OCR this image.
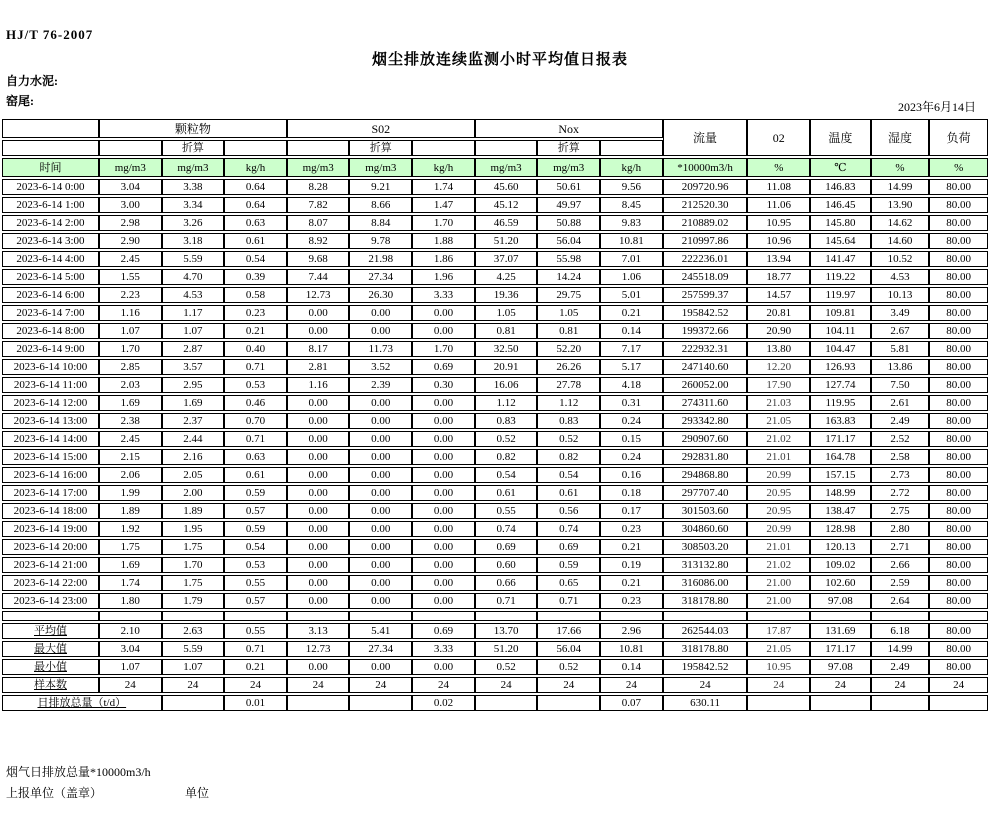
HJ/T 76-2007
烟尘排放连续监测小时平均值日报表
自力水泥:
窑尾:	2023年6月14日
	颗粒物			S02			Nox			流量	02	温度	湿度	负荷
		折算			折算			折算						
时间	mg/m3	mg/m3	kg/h	mg/m3	mg/m3	kg/h	mg/m3	mg/m3	kg/h	*10000m3/h	%	℃	%	%
2023-6-14 0:00	3.04	3.38	0.64	8.28	9.21	1.74	45.60	50.61	9.56	209720.96	11.08	146.83	14.99	80.00
2023-6-14 1:00	3.00	3.34	0.64	7.82	8.66	1.47	45.12	49.97	8.45	212520.30	11.06	146.45	13.90	80.00
2023-6-14 2:00	2.98	3.26	0.63	8.07	8.84	1.70	46.59	50.88	9.83	210889.02	10.95	145.80	14.62	80.00
2023-6-14 3:00	2.90	3.18	0.61	8.92	9.78	1.88	51.20	56.04	10.81	210997.86	10.96	145.64	14.60	80.00
2023-6-14 4:00	2.45	5.59	0.54	9.68	21.98	1.86	37.07	55.98	7.01	222236.01	13.94	141.47	10.52	80.00
2023-6-14 5:00	1.55	4.70	0.39	7.44	27.34	1.96	4.25	14.24	1.06	245518.09	18.77	119.22	4.53	80.00
2023-6-14 6:00	2.23	4.53	0.58	12.73	26.30	3.33	19.36	29.75	5.01	257599.37	14.57	119.97	10.13	80.00
2023-6-14 7:00	1.16	1.17	0.23	0.00	0.00	0.00	1.05	1.05	0.21	195842.52	20.81	109.81	3.49	80.00
2023-6-14 8:00	1.07	1.07	0.21	0.00	0.00	0.00	0.81	0.81	0.14	199372.66	20.90	104.11	2.67	80.00
2023-6-14 9:00	1.70	2.87	0.40	8.17	11.73	1.70	32.50	52.20	7.17	222932.31	13.80	104.47	5.81	80.00
2023-6-14 10:00	2.85	3.57	0.71	2.81	3.52	0.69	20.91	26.26	5.17	247140.60	12.20	126.93	13.86	80.00
2023-6-14 11:00	2.03	2.95	0.53	1.16	2.39	0.30	16.06	27.78	4.18	260052.00	17.90	127.74	7.50	80.00
2023-6-14 12:00	1.69	1.69	0.46	0.00	0.00	0.00	1.12	1.12	0.31	274311.60	21.03	119.95	2.61	80.00
2023-6-14 13:00	2.38	2.37	0.70	0.00	0.00	0.00	0.83	0.83	0.24	293342.80	21.05	163.83	2.49	80.00
2023-6-14 14:00	2.45	2.44	0.71	0.00	0.00	0.00	0.52	0.52	0.15	290907.60	21.02	171.17	2.52	80.00
2023-6-14 15:00	2.15	2.16	0.63	0.00	0.00	0.00	0.82	0.82	0.24	292831.80	21.01	164.78	2.58	80.00
2023-6-14 16:00	2.06	2.05	0.61	0.00	0.00	0.00	0.54	0.54	0.16	294868.80	20.99	157.15	2.73	80.00
2023-6-14 17:00	1.99	2.00	0.59	0.00	0.00	0.00	0.61	0.61	0.18	297707.40	20.95	148.99	2.72	80.00
2023-6-14 18:00	1.89	1.89	0.57	0.00	0.00	0.00	0.55	0.56	0.17	301503.60	20.95	138.47	2.75	80.00
2023-6-14 19:00	1.92	1.95	0.59	0.00	0.00	0.00	0.74	0.74	0.23	304860.60	20.99	128.98	2.80	80.00
2023-6-14 20:00	1.75	1.75	0.54	0.00	0.00	0.00	0.69	0.69	0.21	308503.20	21.01	120.13	2.71	80.00
2023-6-14 21:00	1.69	1.70	0.53	0.00	0.00	0.00	0.60	0.59	0.19	313132.80	21.02	109.02	2.66	80.00
2023-6-14 22:00	1.74	1.75	0.55	0.00	0.00	0.00	0.66	0.65	0.21	316086.00	21.00	102.60	2.59	80.00
2023-6-14 23:00	1.80	1.79	0.57	0.00	0.00	0.00	0.71	0.71	0.23	318178.80	21.00	97.08	2.64	80.00

平均值	2.10	2.63	0.55	3.13	5.41	0.69	13.70	17.66	2.96	262544.03	17.87	131.69	6.18	80.00
最大值	3.04	5.59	0.71	12.73	27.34	3.33	51.20	56.04	10.81	318178.80	21.05	171.17	14.99	80.00
最小值	1.07	1.07	0.21	0.00	0.00	0.00	0.52	0.52	0.14	195842.52	10.95	97.08	2.49	80.00
样本数	24	24	24	24	24	24	24	24	24	24	24	24	24	24
日排放总量（t/d）			0.01			0.02			0.07	630.11				
烟气日排放总量*10000m3/h
上报单位（盖章）	单位
